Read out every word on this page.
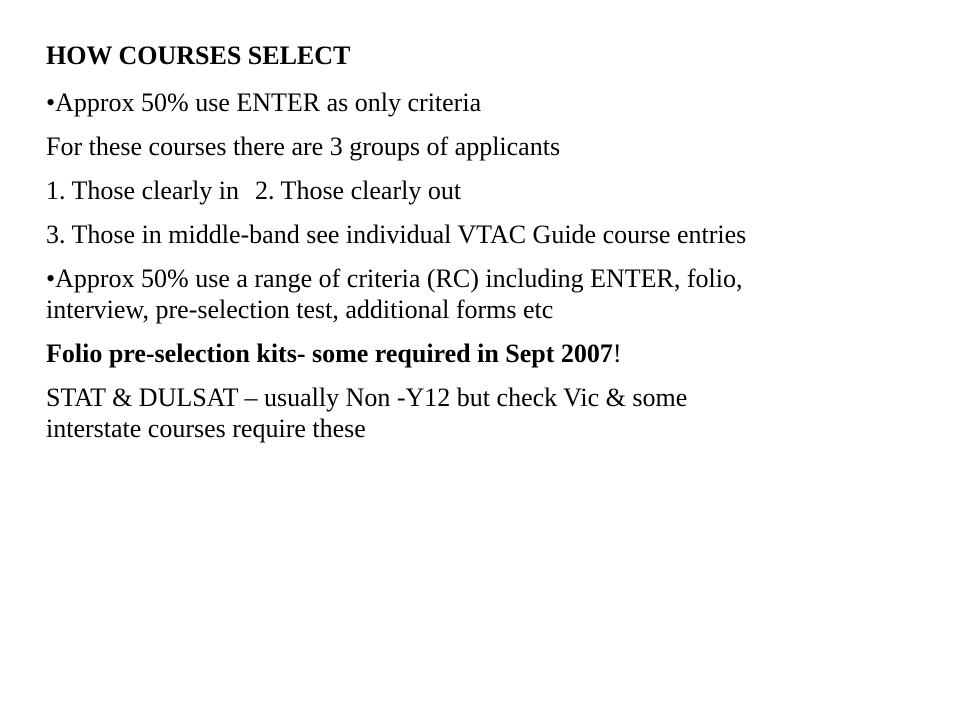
HOW COURSES SELECT

•Approx 50% use ENTER as only criteria

For these courses there are 3 groups of applicants

1. Those clearly in 2. Those clearly out

3. Those in middle-band see individual VTAC Guide course entries

•Approx 50% use a range of criteria (RC) including ENTER, folio, interview, pre-selection test, additional forms etc

Folio pre-selection kits- some required in Sept 2007!

STAT & DULSAT – usually Non -Y12 but check Vic & some interstate courses require these
